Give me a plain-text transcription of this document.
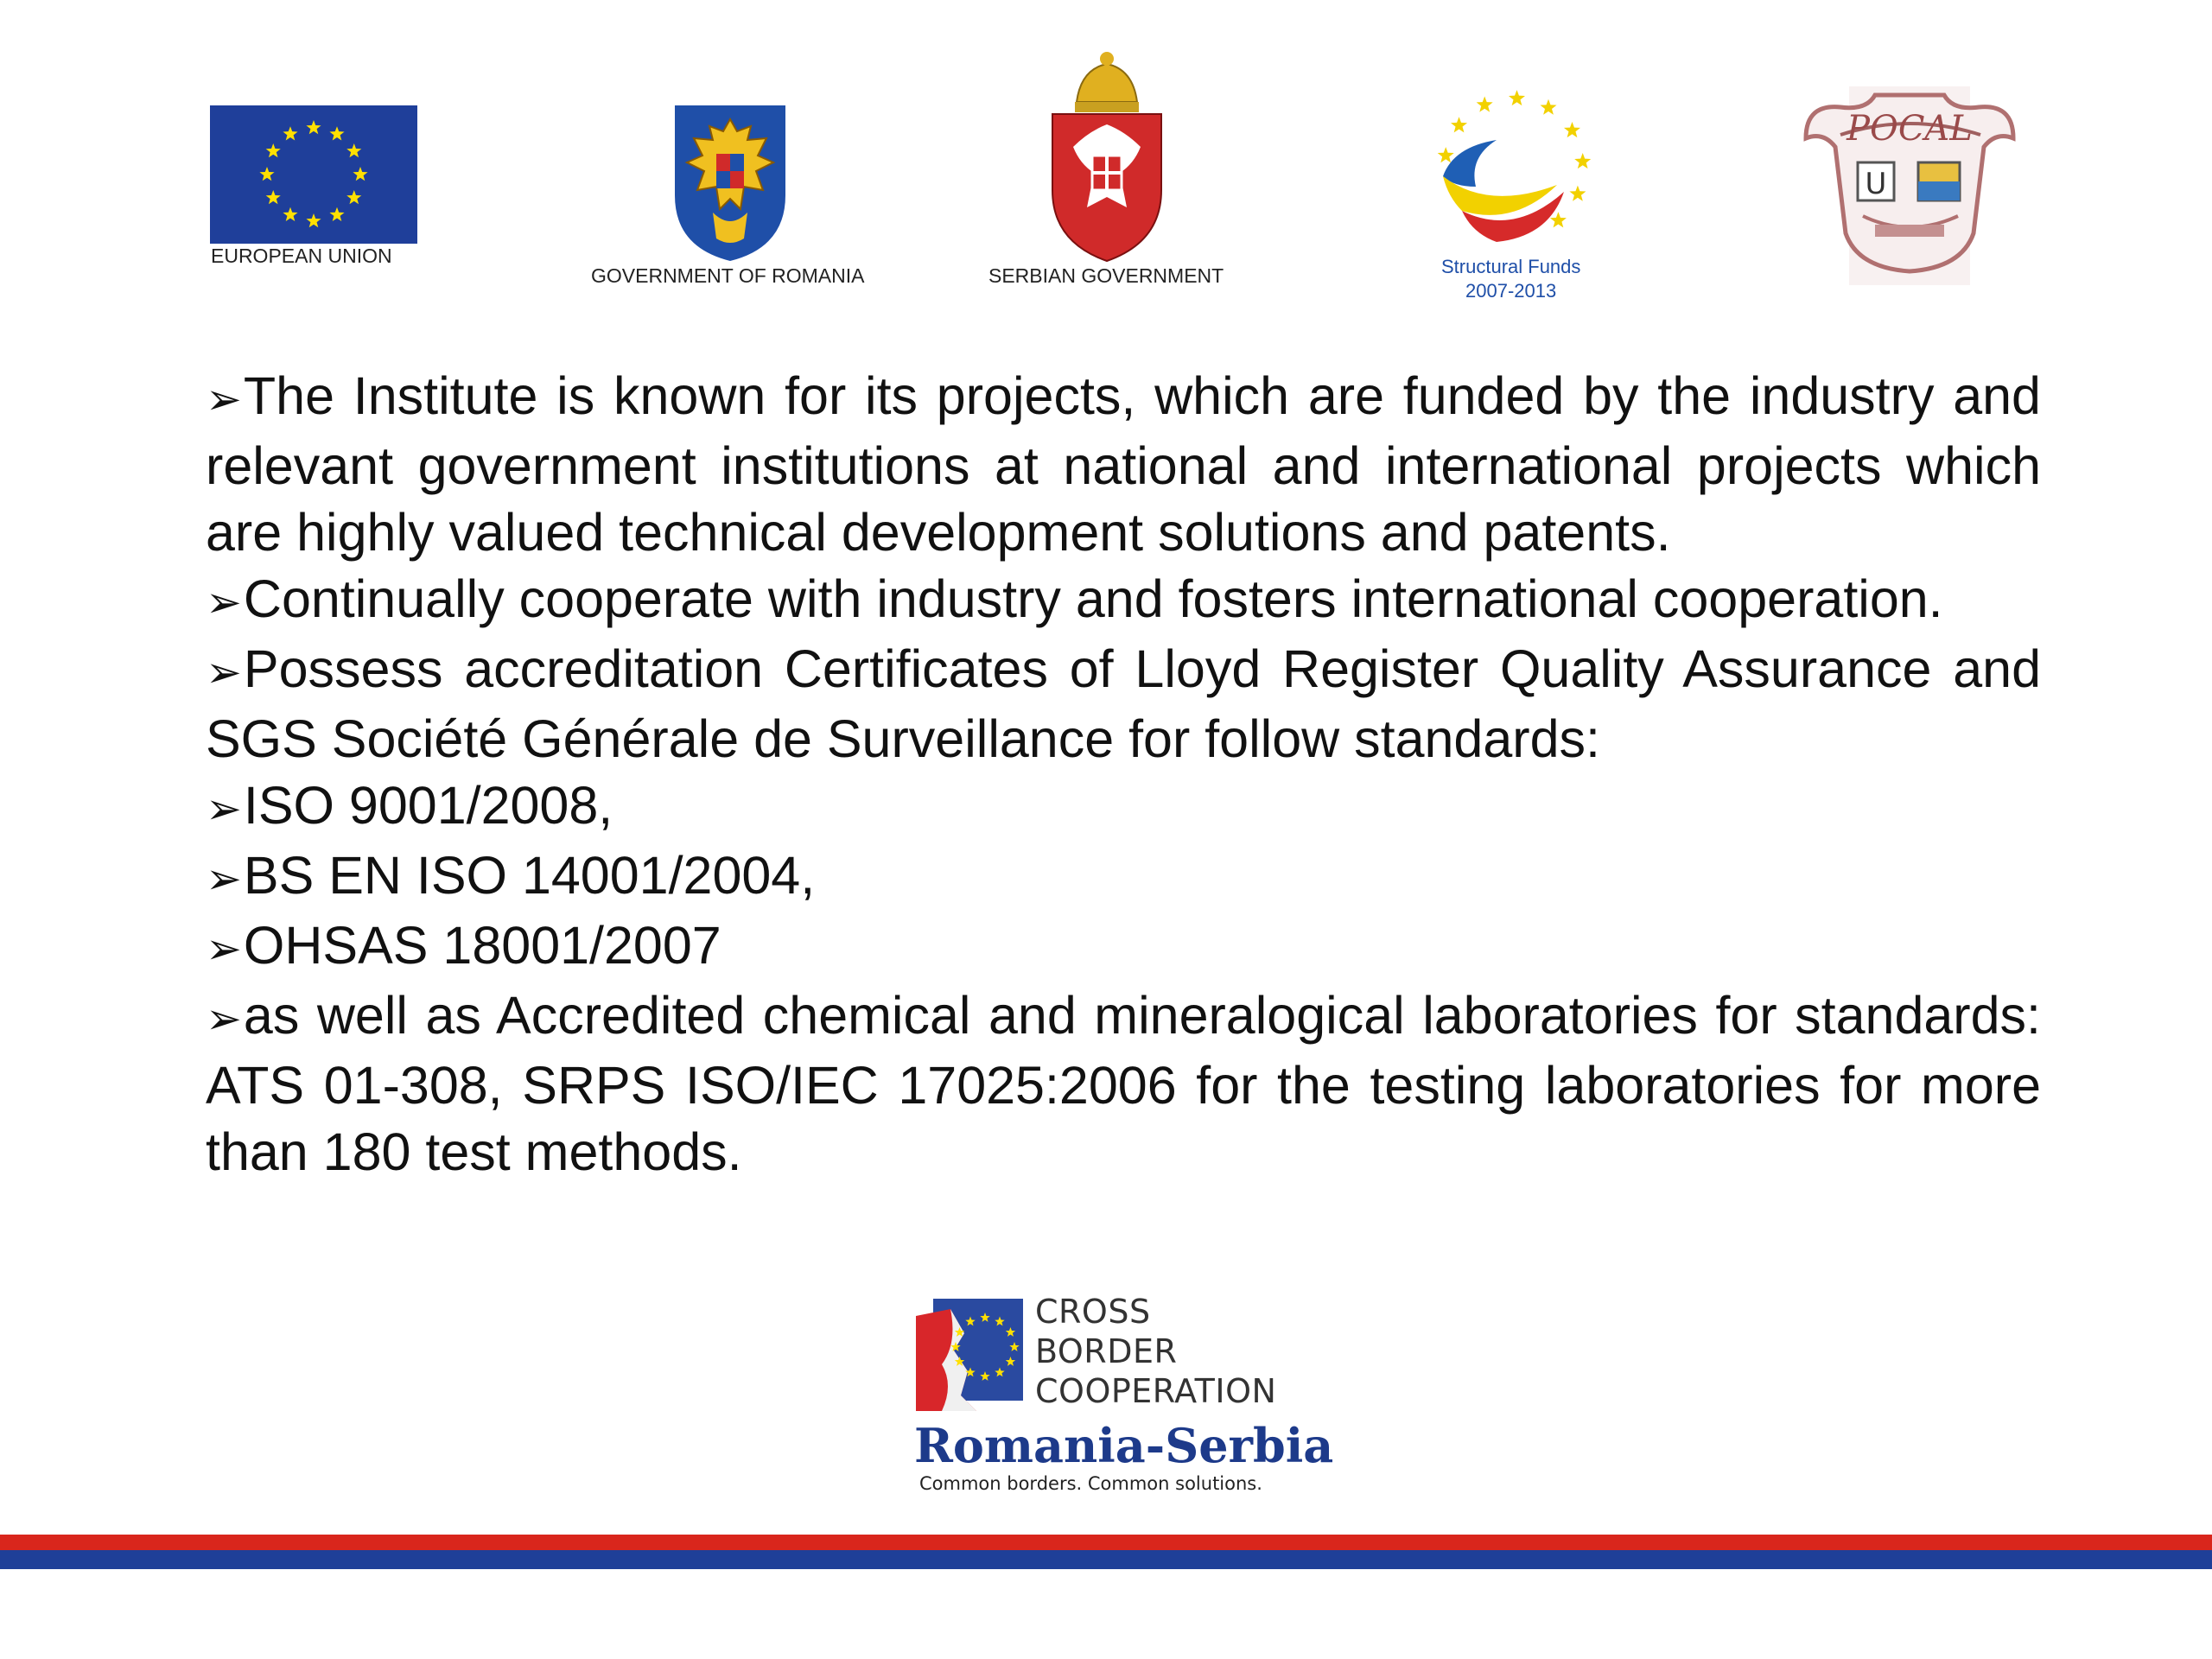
EUROPEAN UNION
GOVERNMENT OF ROMANIA	SERBIAN GOVERNMENT	Structural Funds
2007-2013
POCAL
U

➢The Institute is known for its projects, which are funded by the industry and relevant government institutions at national and international projects which are highly valued technical development solutions and patents.

➢Continually cooperate with industry and fosters international cooperation.

➢Possess accreditation Certificates of Lloyd Register Quality Assurance and SGS Société Générale de Surveillance for follow standards:

➢ISO 9001/2008,

➢BS EN ISO 14001/2004,

➢OHSAS 18001/2007

➢as well as Accredited chemical and mineralogical laboratories for standards: ATS 01-308, SRPS ISO/IEC 17025:2006 for the testing laboratories for more than 180 test methods.

CROSS
BORDER
COOPERATION
Romania-Serbia
Common borders. Common solutions.
